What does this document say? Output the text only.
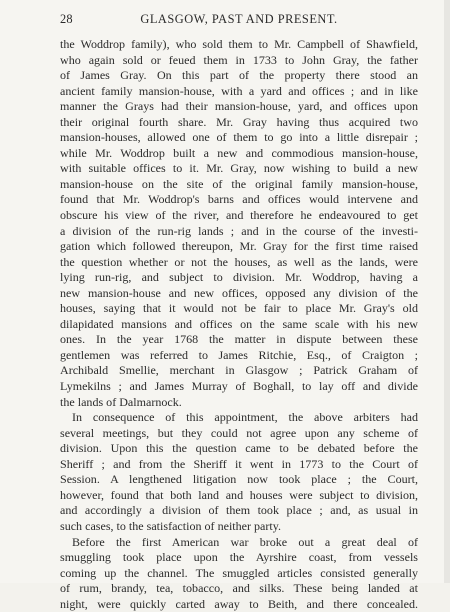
28	GLASGOW, PAST AND PRESENT.
the Woddrop family), who sold them to Mr. Campbell of Shawfield,
who again sold or feued them in 1733 to John Gray, the father
of James Gray. On this part of the property there stood an
ancient family mansion-house, with a yard and offices ; and in like
manner the Grays had their mansion-house, yard, and offices upon
their original fourth share. Mr. Gray having thus acquired two
mansion-houses, allowed one of them to go into a little disrepair ;
while Mr. Woddrop built a new and commodious mansion-house,
with suitable offices to it. Mr. Gray, now wishing to build a new
mansion-house on the site of the original family mansion-house,
found that Mr. Woddrop's barns and offices would intervene and
obscure his view of the river, and therefore he endeavoured to get
a division of the run-rig lands ; and in the course of the investi-
gation which followed thereupon, Mr. Gray for the first time raised
the question whether or not the houses, as well as the lands, were
lying run-rig, and subject to division. Mr. Woddrop, having a
new mansion-house and new offices, opposed any division of the
houses, saying that it would not be fair to place Mr. Gray's old
dilapidated mansions and offices on the same scale with his new
ones. In the year 1768 the matter in dispute between these
gentlemen was referred to James Ritchie, Esq., of Craigton ;
Archibald Smellie, merchant in Glasgow ; Patrick Graham of
Lymekilns ; and James Murray of Boghall, to lay off and divide
the lands of Dalmarnock.
In consequence of this appointment, the above arbiters had
several meetings, but they could not agree upon any scheme of
division. Upon this the question came to be debated before the
Sheriff ; and from the Sheriff it went in 1773 to the Court of
Session. A lengthened litigation now took place ; the Court,
however, found that both land and houses were subject to division,
and accordingly a division of them took place ; and, as usual in
such cases, to the satisfaction of neither party.
Before the first American war broke out a great deal of
smuggling took place upon the Ayrshire coast, from vessels
coming up the channel. The smuggled articles consisted generally
of rum, brandy, tea, tobacco, and silks. These being landed at
night, were quickly carted away to Beith, and there concealed.
